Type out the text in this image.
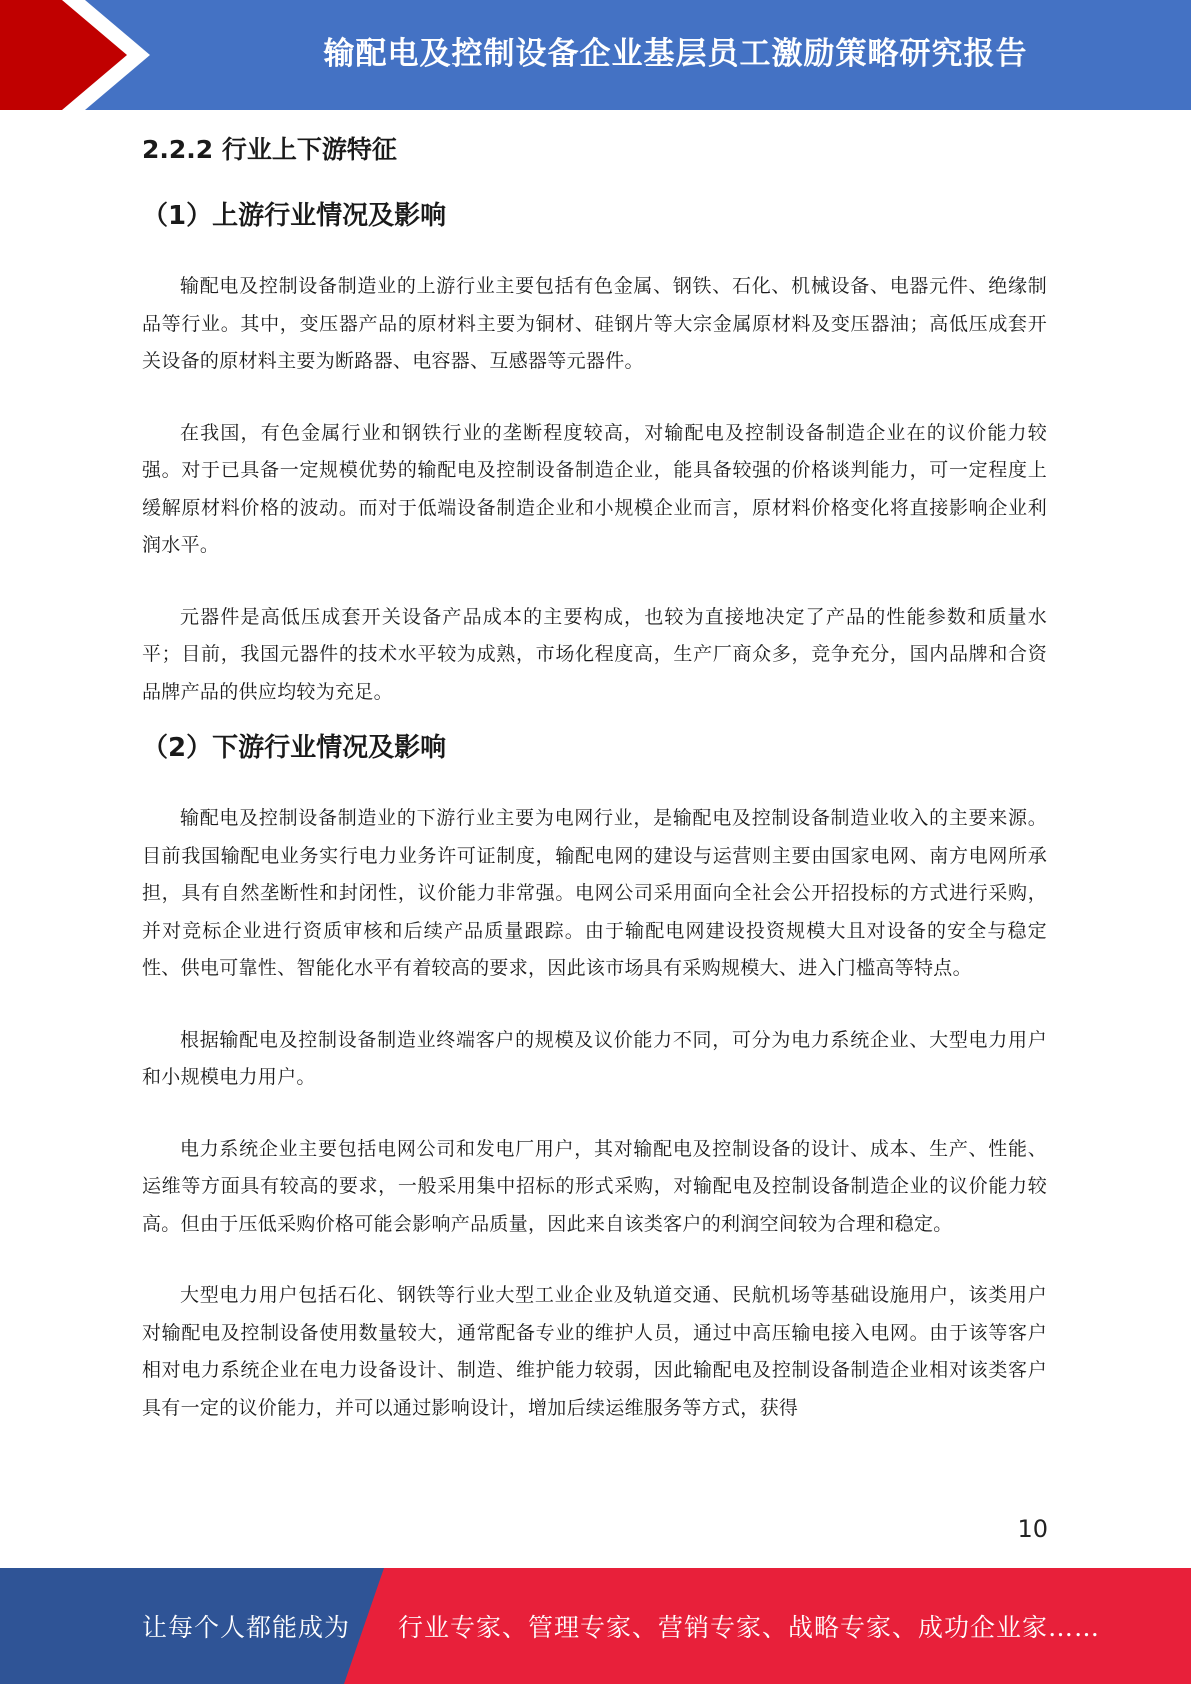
输配电及控制设备企业基层员工激励策略研究报告
2.2.2 行业上下游特征
（1）上游行业情况及影响

输配电及控制设备制造业的上游行业主要包括有色金属、钢铁、石化、机械设备、电器元件、绝缘制品等行业。其中，变压器产品的原材料主要为铜材、硅钢片等大宗金属原材料及变压器油；高低压成套开关设备的原材料主要为断路器、电容器、互感器等元器件。

在我国，有色金属行业和钢铁行业的垄断程度较高，对输配电及控制设备制造企业在的议价能力较强。对于已具备一定规模优势的输配电及控制设备制造企业，能具备较强的价格谈判能力，可一定程度上缓解原材料价格的波动。而对于低端设备制造企业和小规模企业而言，原材料价格变化将直接影响企业利润水平。

元器件是高低压成套开关设备产品成本的主要构成，也较为直接地决定了产品的性能参数和质量水平；目前，我国元器件的技术水平较为成熟，市场化程度高，生产厂商众多，竞争充分，国内品牌和合资品牌产品的供应均较为充足。

（2）下游行业情况及影响

输配电及控制设备制造业的下游行业主要为电网行业，是输配电及控制设备制造业收入的主要来源。目前我国输配电业务实行电力业务许可证制度，输配电网的建设与运营则主要由国家电网、南方电网所承担，具有自然垄断性和封闭性，议价能力非常强。电网公司采用面向全社会公开招投标的方式进行采购，并对竞标企业进行资质审核和后续产品质量跟踪。由于输配电网建设投资规模大且对设备的安全与稳定性、供电可靠性、智能化水平有着较高的要求，因此该市场具有采购规模大、进入门槛高等特点。

根据输配电及控制设备制造业终端客户的规模及议价能力不同，可分为电力系统企业、大型电力用户和小规模电力用户。

电力系统企业主要包括电网公司和发电厂用户，其对输配电及控制设备的设计、成本、生产、性能、运维等方面具有较高的要求，一般采用集中招标的形式采购，对输配电及控制设备制造企业的议价能力较高。但由于压低采购价格可能会影响产品质量，因此来自该类客户的利润空间较为合理和稳定。

大型电力用户包括石化、钢铁等行业大型工业企业及轨道交通、民航机场等基础设施用户，该类用户对输配电及控制设备使用数量较大，通常配备专业的维护人员，通过中高压输电接入电网。由于该等客户相对电力系统企业在电力设备设计、制造、维护能力较弱，因此输配电及控制设备制造企业相对该类客户具有一定的议价能力，并可以通过影响设计，增加后续运维服务等方式，获得

10
让每个人都能成为 行业专家、管理专家、营销专家、战略专家、成功企业家……
